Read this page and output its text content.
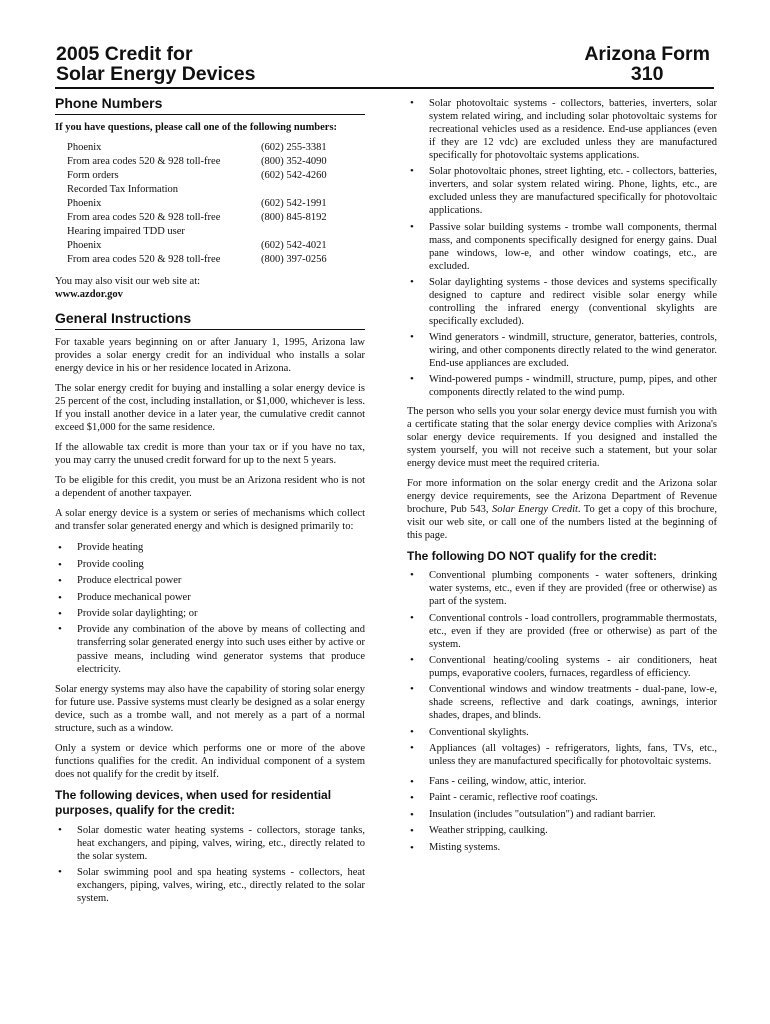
2005 Credit for
Solar Energy Devices
Arizona Form
310
Phone Numbers

If you have questions, please call one of the following numbers:

Phoenix	(602) 255-3381
From area codes 520 & 928 toll-free	(800) 352-4090
Form orders	(602) 542-4260
Recorded Tax Information
Phoenix	(602) 542-1991
From area codes 520 & 928 toll-free	(800) 845-8192
Hearing impaired TDD user
Phoenix	(602) 542-4021
From area codes 520 & 928 toll-free	(800) 397-0256

You may also visit our web site at:

www.azdor.gov

General Instructions

For taxable years beginning on or after January 1, 1995, Arizona law provides a solar energy credit for an individual who installs a solar energy device in his or her residence located in Arizona.

The solar energy credit for buying and installing a solar energy device is 25 percent of the cost, including installation, or $1,000, whichever is less. If you install another device in a later year, the cumulative credit cannot exceed $1,000 for the same residence.

If the allowable tax credit is more than your tax or if you have no tax, you may carry the unused credit forward for up to the next 5 years.

To be eligible for this credit, you must be an Arizona resident who is not a dependent of another taxpayer.

A solar energy device is a system or series of mechanisms which collect and transfer solar generated energy and which is designed primarily to:

• Provide heating
• Provide cooling
• Produce electrical power
• Produce mechanical power
• Provide solar daylighting; or
• Provide any combination of the above by means of collecting and transferring solar generated energy into such uses either by active or passive means, including wind generator systems that produce electricity.

Solar energy systems may also have the capability of storing solar energy for future use. Passive systems must clearly be designed as a solar energy device, such as a trombe wall, and not merely as a part of a normal structure, such as a window.

Only a system or device which performs one or more of the above functions qualifies for the credit. An individual component of a system does not qualify for the credit by itself.

The following devices, when used for residential purposes, qualify for the credit:
• Solar domestic water heating systems - collectors, storage tanks, heat exchangers, and piping, valves, wiring, etc., directly related to the solar system.
• Solar swimming pool and spa heating systems - collectors, heat exchangers, piping, valves, wiring, etc., directly related to the solar system.
• Solar photovoltaic systems - collectors, batteries, inverters, solar system related wiring, and including solar photovoltaic systems for recreational vehicles used as a residence. End-use appliances (even if they are 12 vdc) are excluded unless they are manufactured specifically for photovoltaic systems applications.
• Solar photovoltaic phones, street lighting, etc. - collectors, batteries, inverters, and solar system related wiring. Phone, lights, etc., are excluded unless they are manufactured specifically for photovoltaic applications.
• Passive solar building systems - trombe wall components, thermal mass, and components specifically designed for energy gains. Dual pane windows, low-e, and other window coatings, etc., are excluded.
• Solar daylighting systems - those devices and systems specifically designed to capture and redirect visible solar energy while controlling the infrared energy (conventional skylights are specifically excluded).
• Wind generators - windmill, structure, generator, batteries, controls, wiring, and other components directly related to the wind generator. End-use appliances are excluded.
• Wind-powered pumps - windmill, structure, pump, pipes, and other components directly related to the wind pump.

The person who sells you your solar energy device must furnish you with a certificate stating that the solar energy device complies with Arizona's solar energy device requirements. If you designed and installed the system yourself, you will not receive such a statement, but your solar energy device must meet the required criteria.

For more information on the solar energy credit and the Arizona solar energy device requirements, see the Arizona Department of Revenue brochure, Pub 543, Solar Energy Credit. To get a copy of this brochure, visit our web site, or call one of the numbers listed at the beginning of this page.

The following DO NOT qualify for the credit:
• Conventional plumbing components - water softeners, drinking water systems, etc., even if they are provided (free or otherwise) as part of the system.
• Conventional controls - load controllers, programmable thermostats, etc., even if they are provided (free or otherwise) as part of the system.
• Conventional heating/cooling systems - air conditioners, heat pumps, evaporative coolers, furnaces, regardless of efficiency.
• Conventional windows and window treatments - dual-pane, low-e, shade screens, reflective and dark coatings, awnings, interior shades, drapes, and blinds.
• Conventional skylights.
• Appliances (all voltages) - refrigerators, lights, fans, TVs, etc., unless they are manufactured specifically for photovoltaic systems.
• Fans - ceiling, window, attic, interior.
• Paint - ceramic, reflective roof coatings.
• Insulation (includes "outsulation") and radiant barrier.
• Weather stripping, caulking.
• Misting systems.
